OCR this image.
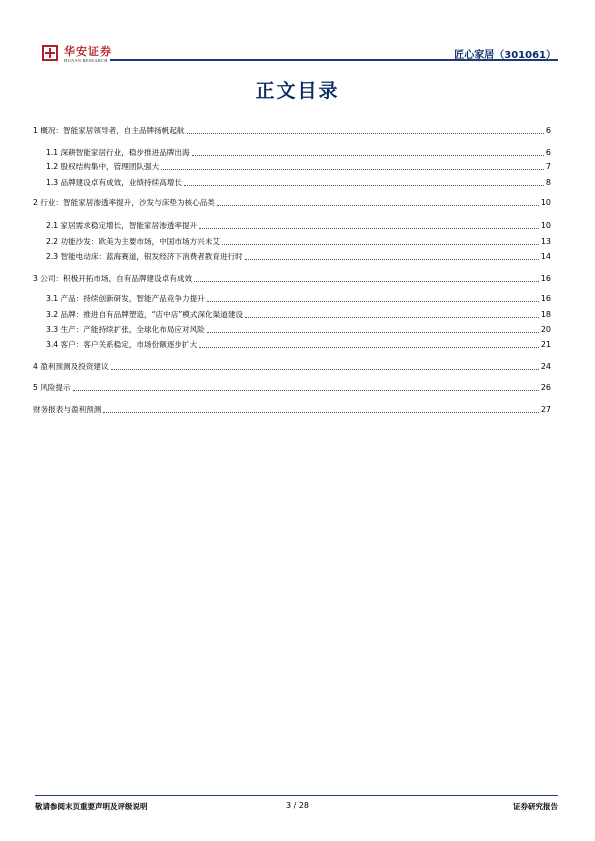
华安证券
HUAAN RESEARCH	匠心家居（301061）
正文目录
1 概况：智能家居领导者，自主品牌扬帆起航	6
1.1 深耕智能家居行业，稳步推进品牌出海	6
1.2 股权结构集中，管理团队强大	7
1.3 品牌建设卓有成效，业绩持续高增长	8
2 行业：智能家居渗透率提升，沙发与床垫为核心品类	10
2.1 家居需求稳定增长，智能家居渗透率提升	10
2.2 功能沙发：欧美为主要市场，中国市场方兴未艾	13
2.3 智能电动床：蓝海赛道，银发经济下消费者教育进行时	14
3 公司：积极开拓市场，自有品牌建设卓有成效	16
3.1 产品：持续创新研发，智能产品竞争力提升	16
3.2 品牌：推进自有品牌塑造，“店中店”模式深化渠道建设	18
3.3 生产：产能持续扩张，全球化布局应对风险	20
3.4 客户：客户关系稳定，市场份额逐步扩大	21
4 盈利预测及投资建议	24
5 风险提示	26
财务报表与盈利预测	27
敬请参阅末页重要声明及评级说明	3 / 28	证券研究报告
